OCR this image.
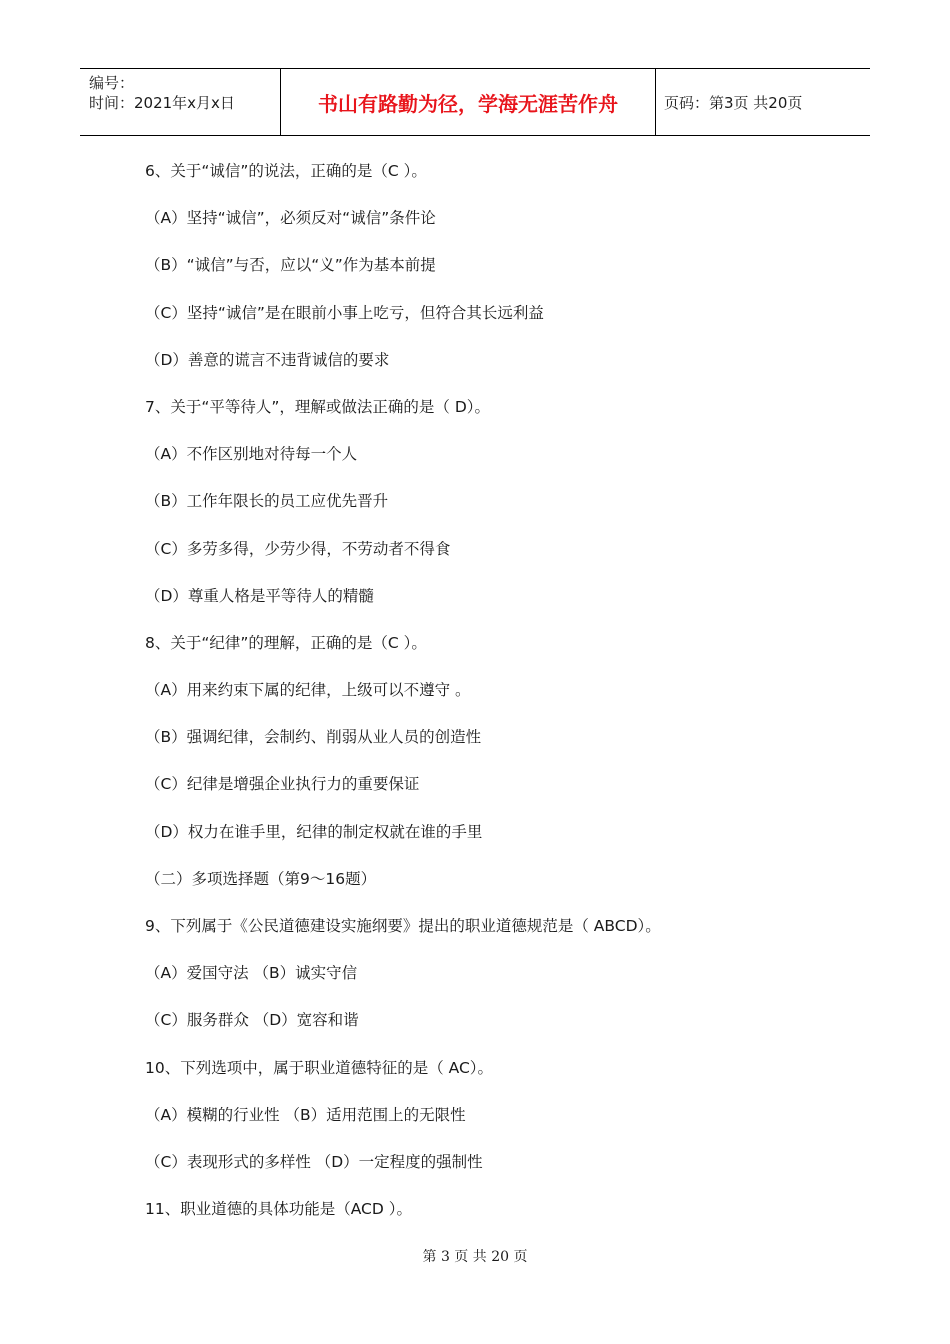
编号：
时间：2021年x月x日	书山有路勤为径，学海无涯苦作舟	页码：第3页 共20页
6、关于“诚信”的说法，正确的是（C ）。
（A）坚持“诚信”，必须反对“诚信”条件论
（B）“诚信”与否，应以“义”作为基本前提
（C）坚持“诚信”是在眼前小事上吃亏，但符合其长远利益
（D）善意的谎言不违背诚信的要求
7、关于“平等待人”，理解或做法正确的是（ D）。
（A）不作区别地对待每一个人
（B）工作年限长的员工应优先晋升
（C）多劳多得，少劳少得，不劳动者不得食
（D）尊重人格是平等待人的精髓
8、关于“纪律”的理解，正确的是（C ）。
（A）用来约束下属的纪律，上级可以不遵守 。
（B）强调纪律，会制约、削弱从业人员的创造性
（C）纪律是增强企业执行力的重要保证
（D）权力在谁手里，纪律的制定权就在谁的手里
（二）多项选择题（第9～16题）
9、下列属于《公民道德建设实施纲要》提出的职业道德规范是（ ABCD）。
（A）爱国守法 （B）诚实守信
（C）服务群众 （D）宽容和谐
10、下列选项中，属于职业道德特征的是（ AC）。
（A）模糊的行业性 （B）适用范围上的无限性
（C）表现形式的多样性 （D）一定程度的强制性
11、职业道德的具体功能是（ACD ）。
第 3 页 共 20 页
